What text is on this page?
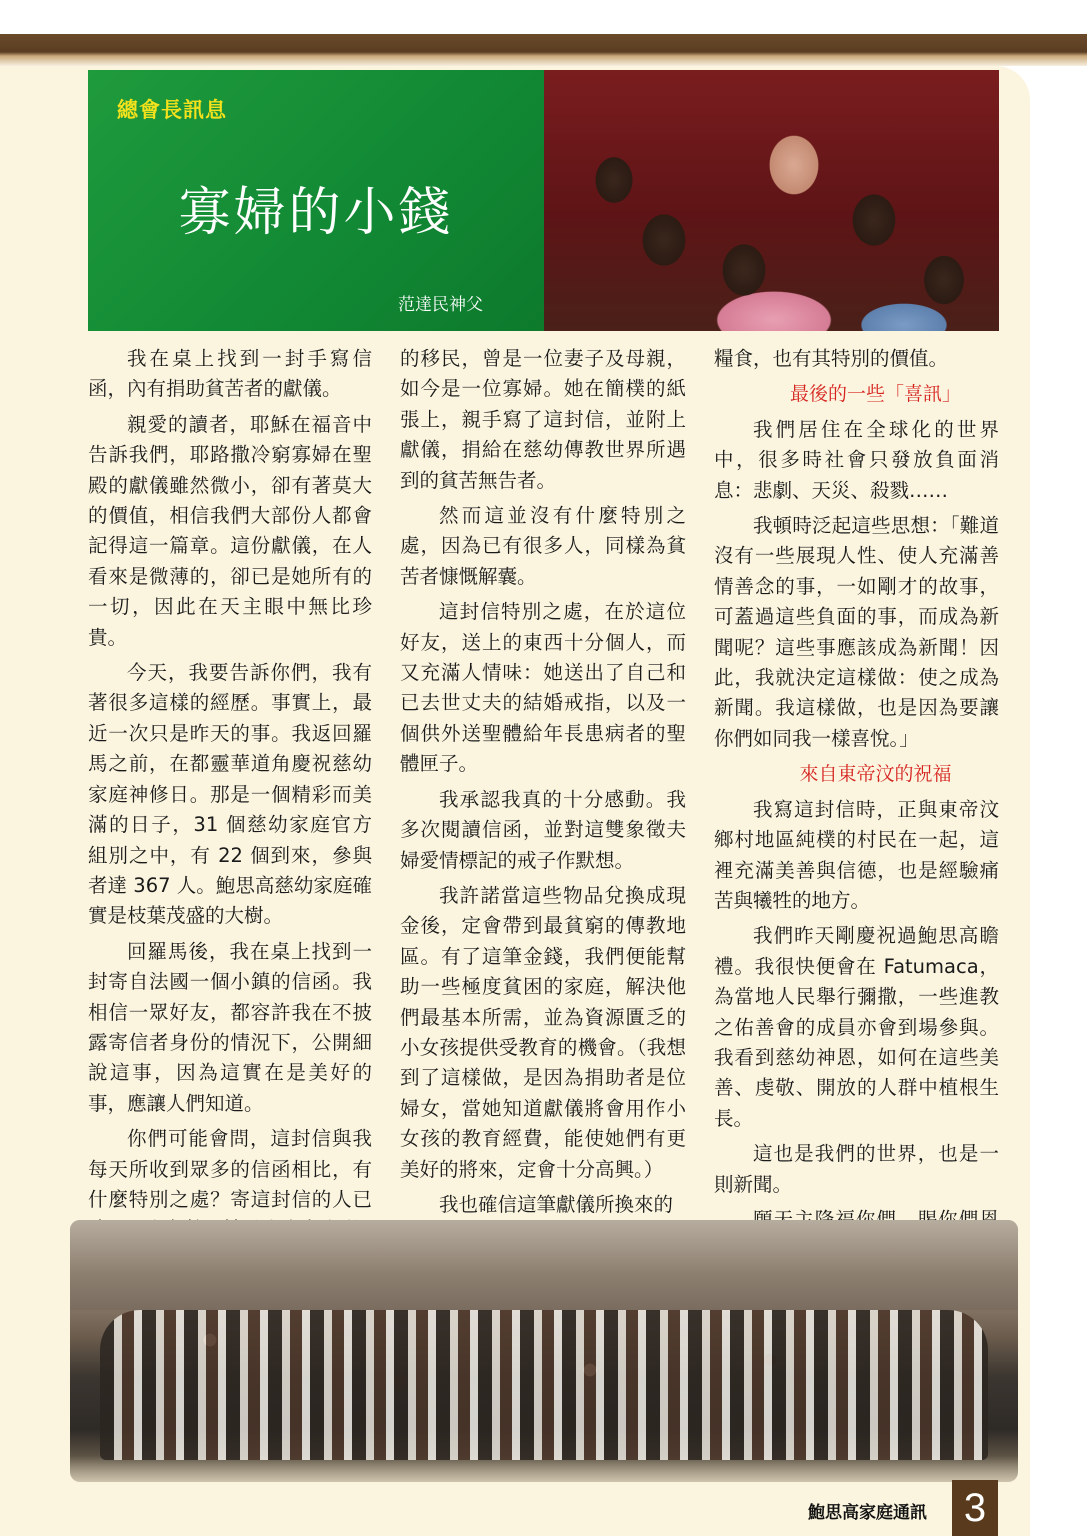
寡婦的小錢
總會長訊息
范達民神父

我在桌上找到一封手寫信函，內有捐助貧苦者的獻儀。

親愛的讀者，耶穌在福音中告訴我們，耶路撒冷窮寡婦在聖殿的獻儀雖然微小，卻有著莫大的價值，相信我們大部份人都會記得這一篇章。這份獻儀，在人看來是微薄的，卻已是她所有的一切，因此在天主眼中無比珍貴。

今天，我要告訴你們，我有著很多這樣的經歷。事實上，最近一次只是昨天的事。我返回羅馬之前，在都靈華道角慶祝慈幼家庭神修日。那是一個精彩而美滿的日子，31 個慈幼家庭官方組別之中，有 22 個到來，參與者達 367 人。鮑思高慈幼家庭確實是枝葉茂盛的大樹。

回羅馬後，我在桌上找到一封寄自法國一個小鎮的信函。我相信一眾好友，都容許我在不披露寄信者身份的情況下，公開細說這事，因為這實在是美好的事，應讓人們知道。

你們可能會問，這封信與我每天所收到眾多的信函相比，有什麼特別之處？寄這封信的人已

的移民，曾是一位妻子及母親，如今是一位寡婦。她在簡樸的紙張上，親手寫了這封信，並附上獻儀，捐給在慈幼傳教世界所遇到的貧苦無告者。

然而這並沒有什麼特別之處，因為已有很多人，同樣為貧苦者慷慨解囊。

這封信特別之處，在於這位好友，送上的東西十分個人，而又充滿人情味：她送出了自己和已去世丈夫的結婚戒指，以及一個供外送聖體給年長患病者的聖體匣子。

我承認我真的十分感動。我多次閱讀信函，並對這雙象徵夫婦愛情標記的戒子作默想。

我許諾當這些物品兌換成現金後，定會帶到最貧窮的傳教地區。有了這筆金錢，我們便能幫助一些極度貧困的家庭，解決他們最基本所需，並為資源匱乏的小女孩提供受教育的機會。（我想到了這樣做，是因為捐助者是位婦女，當她知道獻儀將會用作小女孩的教育經費，能使她們有更美好的將來，定會十分高興。）

我也確信這筆獻儀所換來的

糧食，也有其特別的價值。

最後的一些「喜訊」

我們居住在全球化的世界中，很多時社會只發放負面消息：悲劇、天災、殺戮……

我頓時泛起這些思想：「難道沒有一些展現人性、使人充滿善情善念的事，一如剛才的故事，可蓋過這些負面的事，而成為新聞呢？這些事應該成為新聞！因此，我就決定這樣做：使之成為新聞。我這樣做，也是因為要讓你們如同我一樣喜悅。」

來自東帝汶的祝福

我寫這封信時，正與東帝汶鄉村地區純樸的村民在一起，這裡充滿美善與信德，也是經驗痛苦與犧牲的地方。

我們昨天剛慶祝過鮑思高瞻禮。我很快便會在 Fatumaca，為當地人民舉行彌撒，一些進教之佑善會的成員亦會到場參與。我看到慈幼神恩，如何在這些美善、虔敬、開放的人群中植根生長。

這也是我們的世界，也是一則新聞。

鮑思高家庭通訊 3
